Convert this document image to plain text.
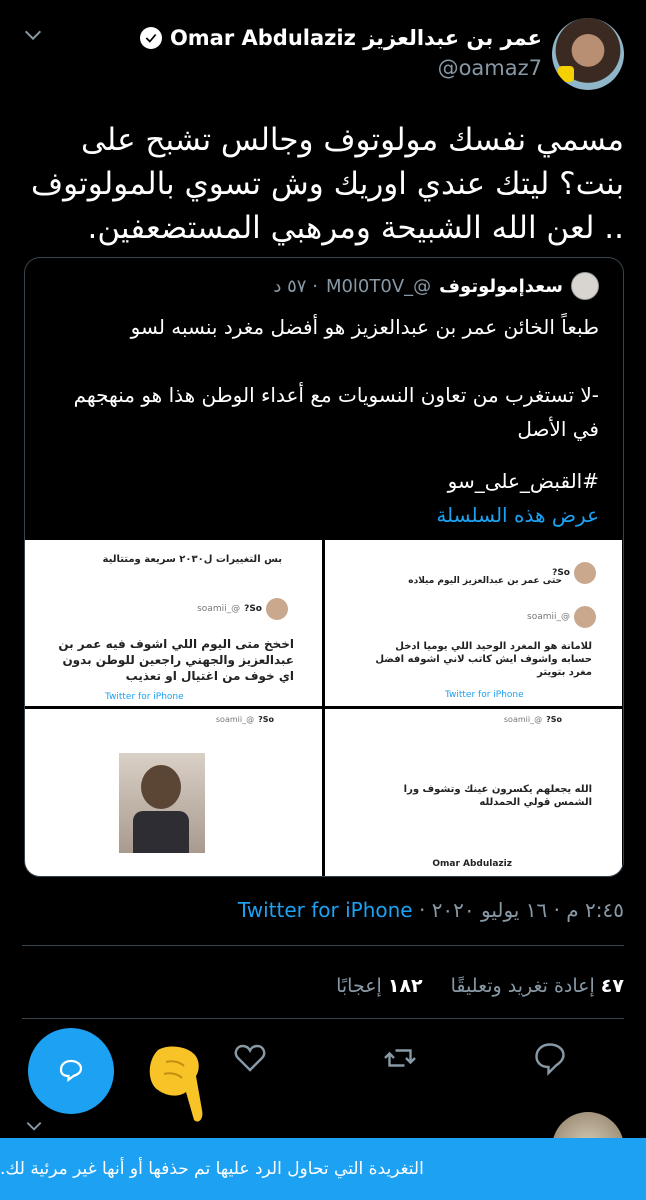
عمر بن عبدالعزيز Omar Abdulaziz
@oamaz7
مسمي نفسك مولوتوف وجالس تشبح على بنت؟ ليتك عندي اوريك وش تسوي بالمولوتوف .. لعن الله الشبيحة ومرهبي المستضعفين.
سعدإمولوتوف
@_M0l0T0V
· ٥٧ د

طبعاً الخائن عمر بن عبدالعزيز هو أفضل مغرد بنسبه لسو

-لا تستغرب من تعاون النسويات مع أعداء الوطن هذا هو منهجهم في الأصل

#القبض_على_سو

عرض هذه السلسلة

بس التغييرات ل٢٠٣٠ سريعة ومتتالية
So?
@_soamii
اخخخ متى اليوم اللي اشوف فيه عمر بن عبدالعزيز والجهني راجعين للوطن بدون اي خوف من اغتيال او تعذيب
Twitter for iPhone
So?
حتى عمر بن عبدالعزيز اليوم ميلاده
@_soamii
للامانة هو المغرد الوحيد اللي يوميا ادخل حسابه واشوف ايش كاتب لاني اشوفه افضل مغرد بتويتر
Twitter for iPhone
So?
@_soamii	So?
@_soamii
الله يجعلهم يكسرون عينك وتشوف ورا الشمس قولي الحمدلله
Omar Abdulaziz
٢:٤٥ م · ١٦ يوليو ٢٠٢٠ · Twitter for iPhone
٤٧إعادة تغريد وتعليقًا
١٨٢إعجابًا
التغريدة التي تحاول الرد عليها تم حذفها أو أنها غير مرئية لك.
